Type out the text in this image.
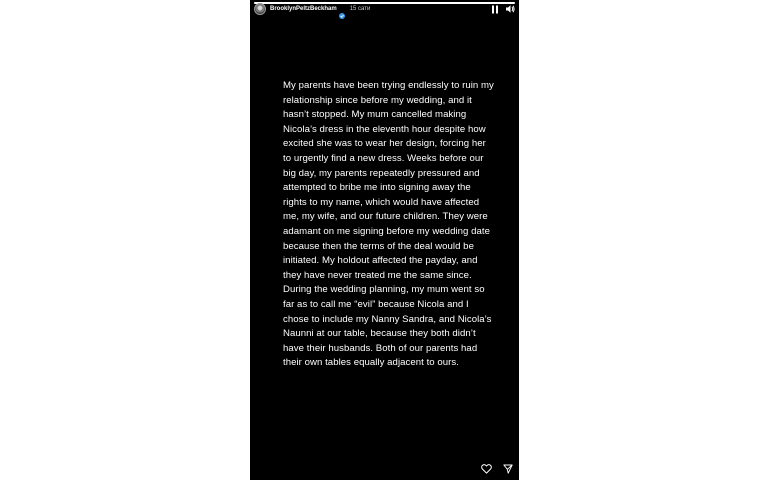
BrooklynPeltzBeckham 15 сати

My parents have been trying endlessly to ruin my relationship since before my wedding, and it hasn’t stopped. My mum cancelled making Nicola’s dress in the eleventh hour despite how excited she was to wear her design, forcing her to urgently find a new dress. Weeks before our big day, my parents repeatedly pressured and attempted to bribe me into signing away the rights to my name, which would have affected me, my wife, and our future children. They were adamant on me signing before my wedding date because then the terms of the deal would be initiated. My holdout affected the payday, and they have never treated me the same since. During the wedding planning, my mum went so far as to call me “evil” because Nicola and I chose to include my Nanny Sandra, and Nicola’s Naunni at our table, because they both didn’t have their husbands. Both of our parents had their own tables equally adjacent to ours.
